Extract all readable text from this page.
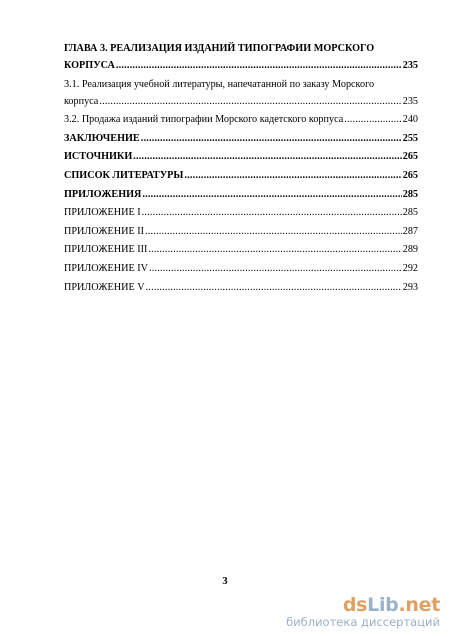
ГЛАВА 3. РЕАЛИЗАЦИЯ ИЗДАНИЙ ТИПОГРАФИИ МОРСКОГО
КОРПУСА .....	235
3.1. Реализация учебной литературы, напечатанной по заказу Морского
корпуса .....	235
3.2. Продажа изданий типографии Морского кадетского корпуса .....	240
ЗАКЛЮЧЕНИЕ .....	255
ИСТОЧНИКИ .....	265
СПИСОК ЛИТЕРАТУРЫ .....	265
ПРИЛОЖЕНИЯ .....	285
ПРИЛОЖЕНИЕ I .....	285
ПРИЛОЖЕНИЕ II .....	287
ПРИЛОЖЕНИЕ III .....	289
ПРИЛОЖЕНИЕ IV .....	292
ПРИЛОЖЕНИЕ V .....	293
3
dsLib.net
библиотека диссертаций
